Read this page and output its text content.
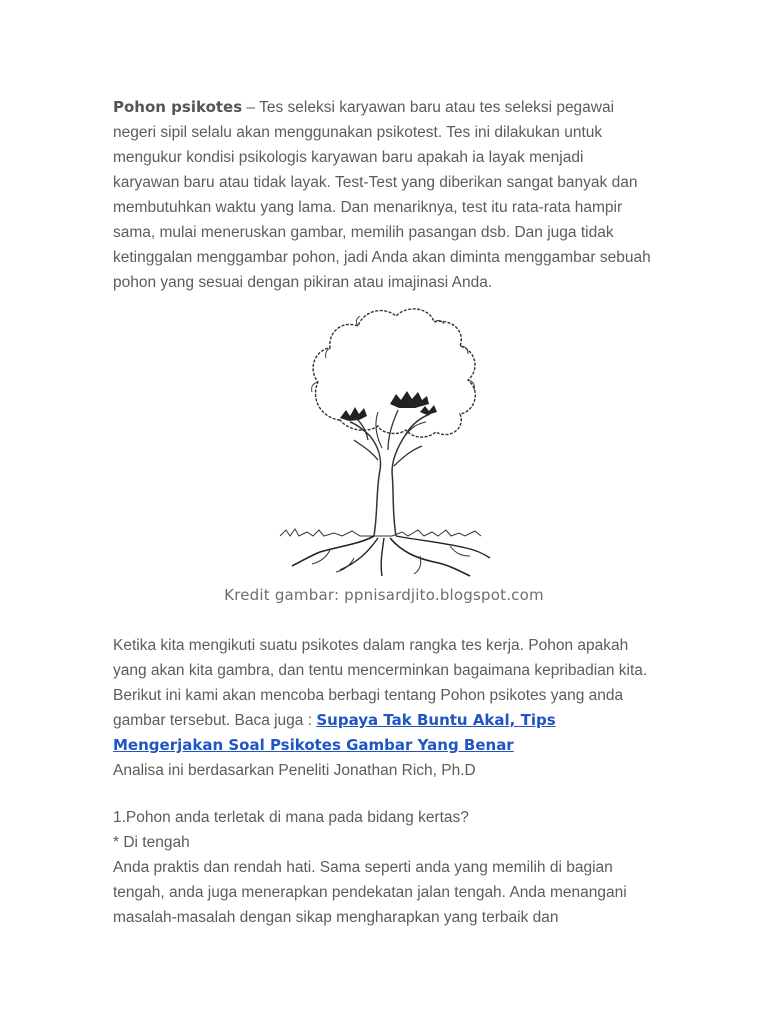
Pohon psikotes – Tes seleksi karyawan baru atau tes seleksi pegawai negeri sipil selalu akan menggunakan psikotest. Tes ini dilakukan untuk mengukur kondisi psikologis karyawan baru apakah ia layak menjadi karyawan baru atau tidak layak. Test-Test yang diberikan sangat banyak dan membutuhkan waktu yang lama. Dan menariknya, test itu rata-rata hampir sama, mulai meneruskan gambar, memilih pasangan dsb. Dan juga tidak ketinggalan menggambar pohon, jadi Anda akan diminta menggambar sebuah pohon yang sesuai dengan pikiran atau imajinasi Anda.
Kredit gambar: ppnisardjito.blogspot.com
Ketika kita mengikuti suatu psikotes dalam rangka tes kerja. Pohon apakah yang akan kita gambra, dan tentu mencerminkan bagaimana kepribadian kita. Berikut ini kami akan mencoba berbagi tentang Pohon psikotes yang anda gambar tersebut. Baca juga : Supaya Tak Buntu Akal, Tips Mengerjakan Soal Psikotes Gambar Yang Benar

Analisa ini berdasarkan Peneliti Jonathan Rich, Ph.D

1.Pohon anda terletak di mana pada bidang kertas?

* Di tengah

Anda praktis dan rendah hati. Sama seperti anda yang memilih di bagian tengah, anda juga menerapkan pendekatan jalan tengah. Anda menangani masalah-masalah dengan sikap mengharapkan yang terbaik dan
